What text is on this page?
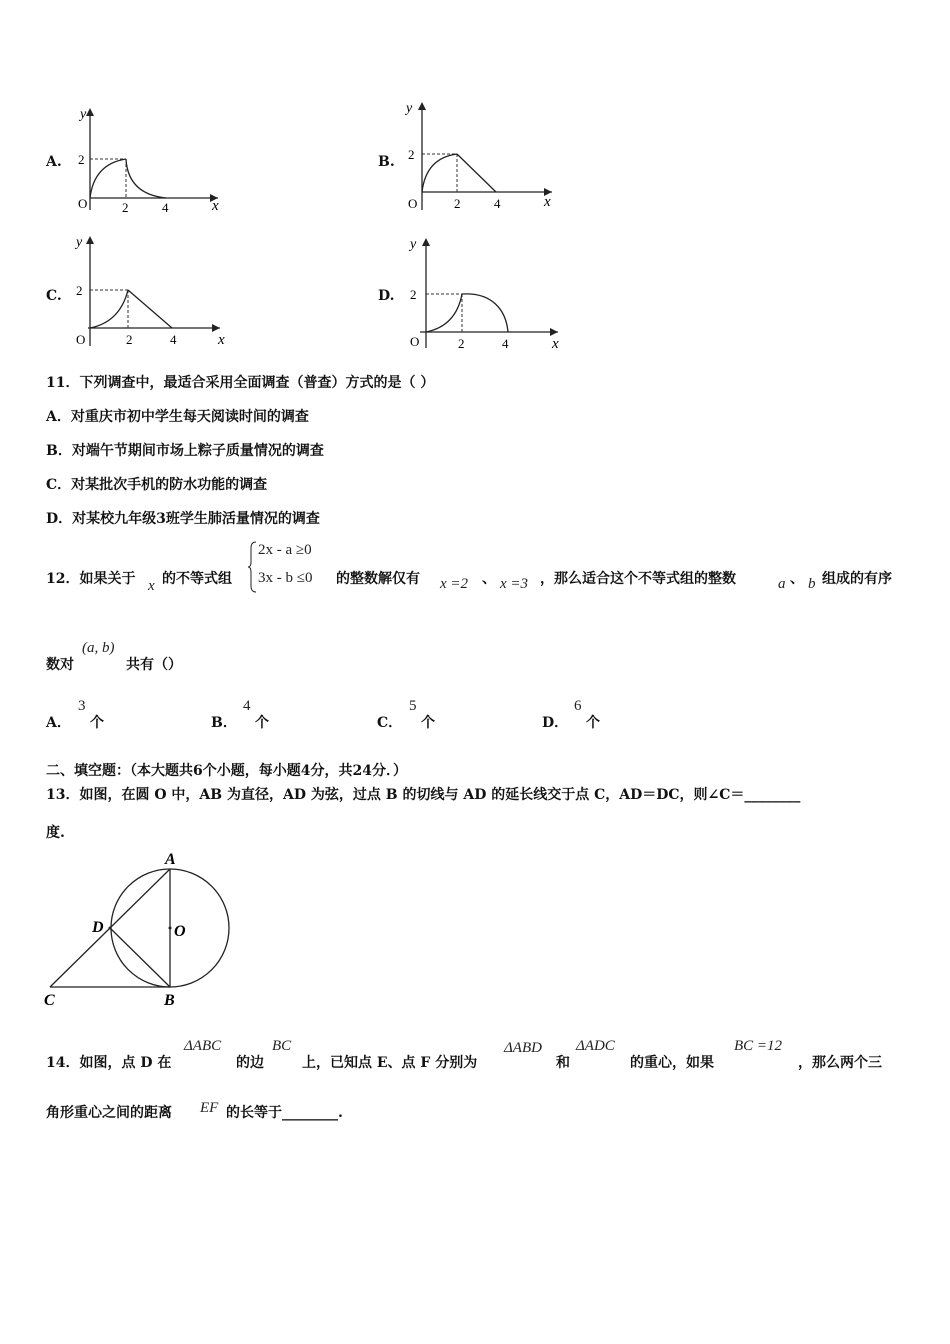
A.
y
x
O
2
2	4
B.
y
x
O
2
2	4
C.
y
x
O
2
2	4
D.
y
x
O
2
2	4
11．下列调查中，最适合采用全面调查（普查）方式的是（ ）
A．对重庆市初中学生每天阅读时间的调查
B．对端午节期间市场上粽子质量情况的调查
C．对某批次手机的防水功能的调查
D．对某校九年级3班学生肺活量情况的调查
12．如果关于 x 的不等式组
2x - a ≥0
3x - b ≤0 的整数解仅有 x =2 、 x =3 ，那么适合这个不等式组的整数	a 、 b 组成的有序
数对
(a, b)
共有（）
A．
3
个	B．
4
个	C．
5
个	D．
6
个
二、填空题：（本大题共6个小题，每小题4分，共24分．）
13．如图，在圆 O 中，AB 为直径，AD 为弦，过点 B 的切线与 AD 的延长线交于点 C，AD＝DC，则∠C＝________
度.
A
B
C
D	O
14．如图，点 D 在
ΔABC
的边
BC
上，已知点 E、点 F 分别为
ΔABD
和
ΔADC
的重心，如果
BC =12
，那么两个三
角形重心之间的距离 EF 的长等于________.
